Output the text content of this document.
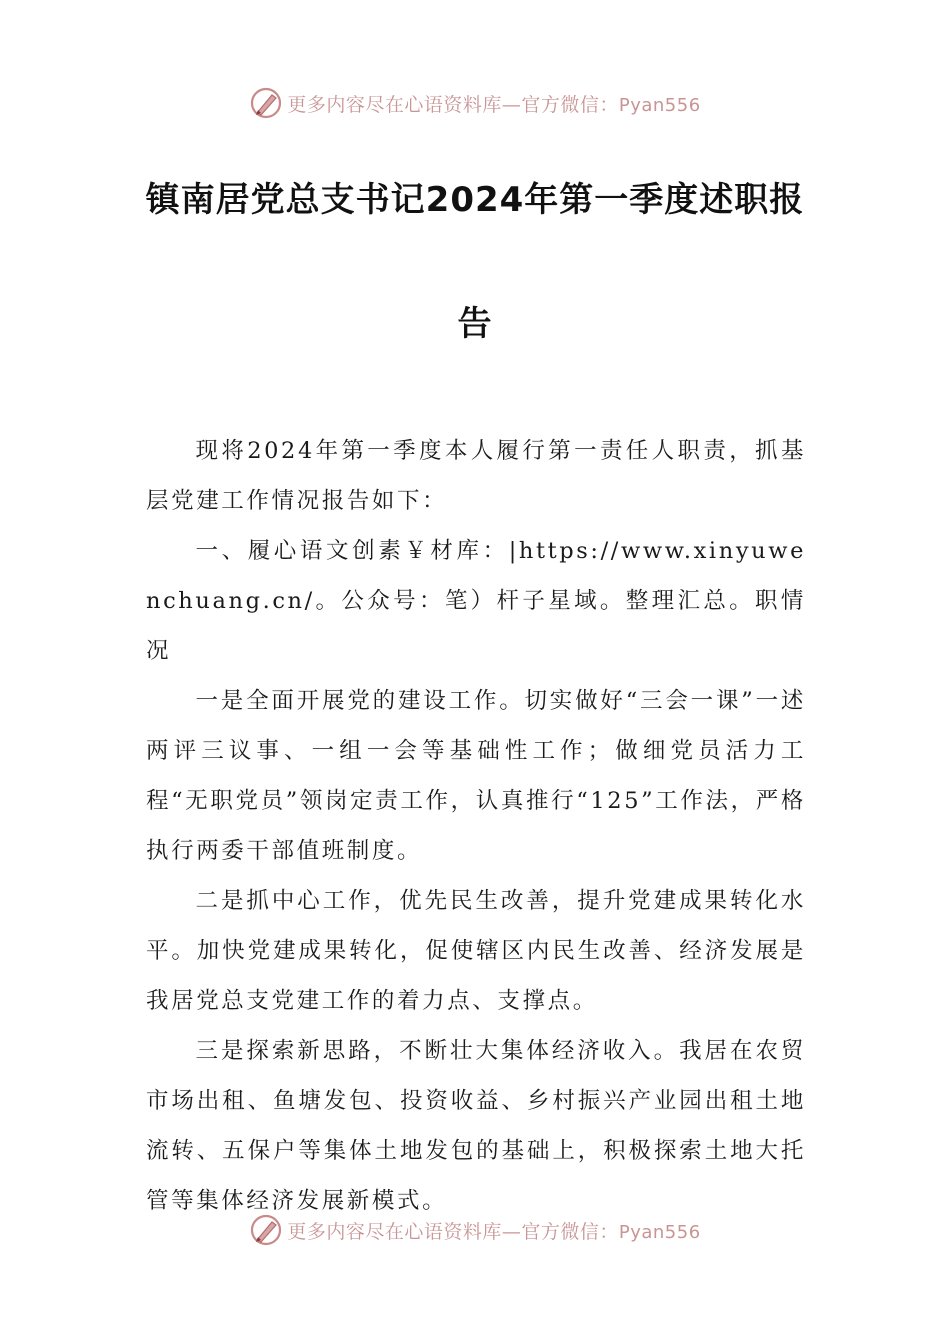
更多内容尽在心语资料库—官方微信：Pyan556
镇南居党总支书记2024年第一季度述职报
告

现将2024年第一季度本人履行第一责任人职责，抓基层党建工作情况报告如下：

一、履心语文创素￥材库：|https://www.xinyuwenchuang.cn/。公众号：笔）杆子星域。整理汇总。职情况

一是全面开展党的建设工作。切实做好“三会一课”一述两评三议事、一组一会等基础性工作；做细党员活力工程“无职党员”领岗定责工作，认真推行“125”工作法，严格执行两委干部值班制度。

二是抓中心工作，优先民生改善，提升党建成果转化水平。加快党建成果转化，促使辖区内民生改善、经济发展是我居党总支党建工作的着力点、支撑点。

三是探索新思路，不断壮大集体经济收入。我居在农贸市场出租、鱼塘发包、投资收益、乡村振兴产业园出租土地流转、五保户等集体土地发包的基础上，积极探索土地大托管等集体经济发展新模式。

更多内容尽在心语资料库—官方微信：Pyan556
